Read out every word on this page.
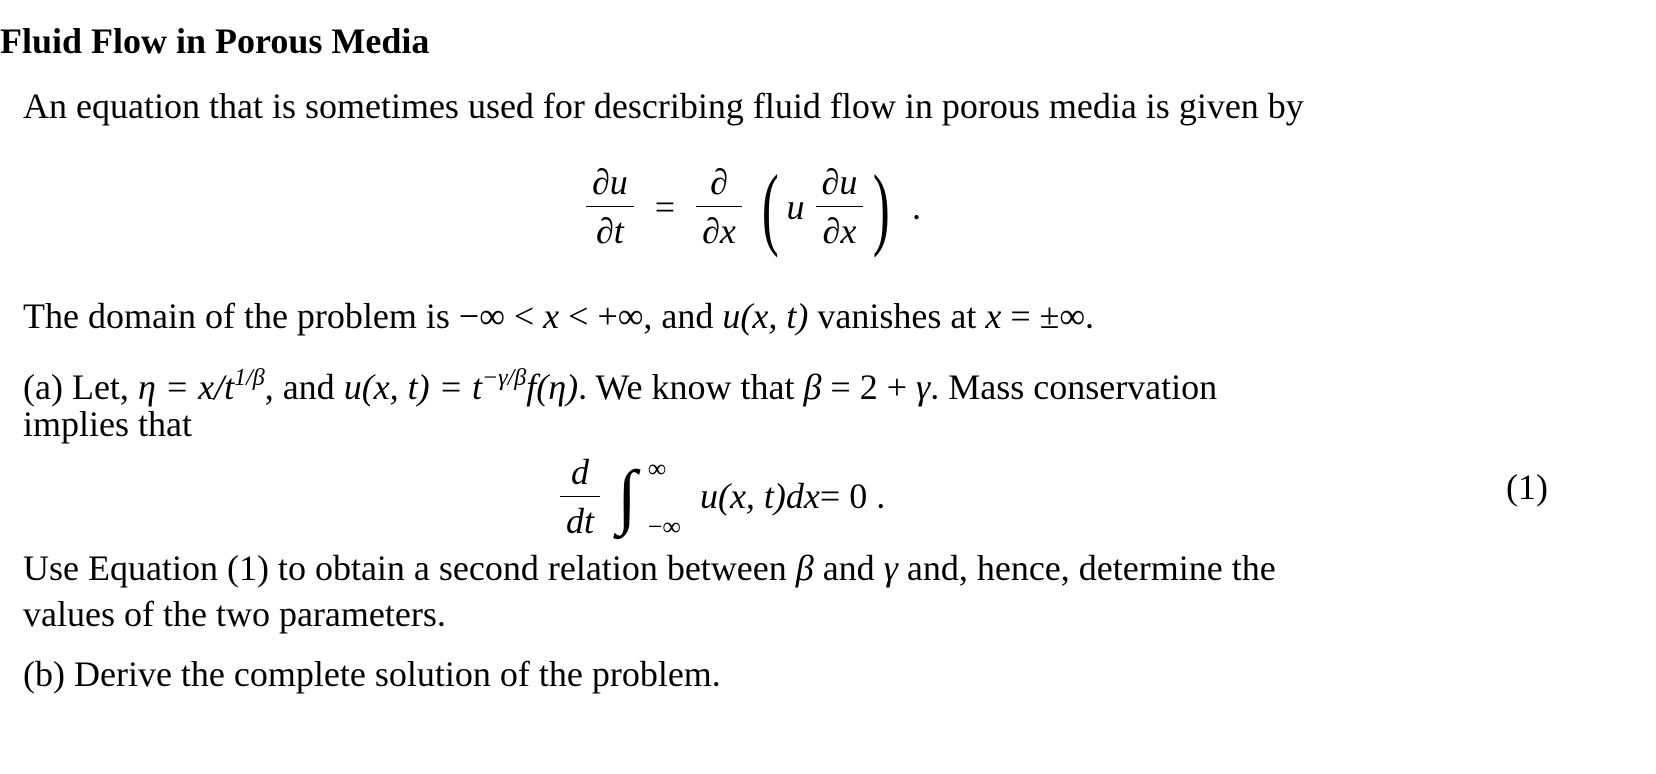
Fluid Flow in Porous Media
An equation that is sometimes used for describing fluid flow in porous media is given by
$\frac{\partial u}{\partial t} = \frac{\partial}{\partial x}$ ( u $\frac{\partial u}{\partial x}$ ) .
The domain of the problem is −∞ < x < +∞, and u(x, t) vanishes at x = ±∞.
(a) Let, $\eta = x/t^{1/\beta}$, and u(x, $t) = t^{-\gamma/\beta}f(\eta)$. We know that β = 2 + γ. Mass conservation
implies that
$\frac{d}{dt}$ ∫ ∞
−∞
u(x, t)dx= 0 .	(1)
Use Equation (1) to obtain a second relation between β and γ and, hence, determine the
values of the two parameters.
(b) Derive the complete solution of the problem.
